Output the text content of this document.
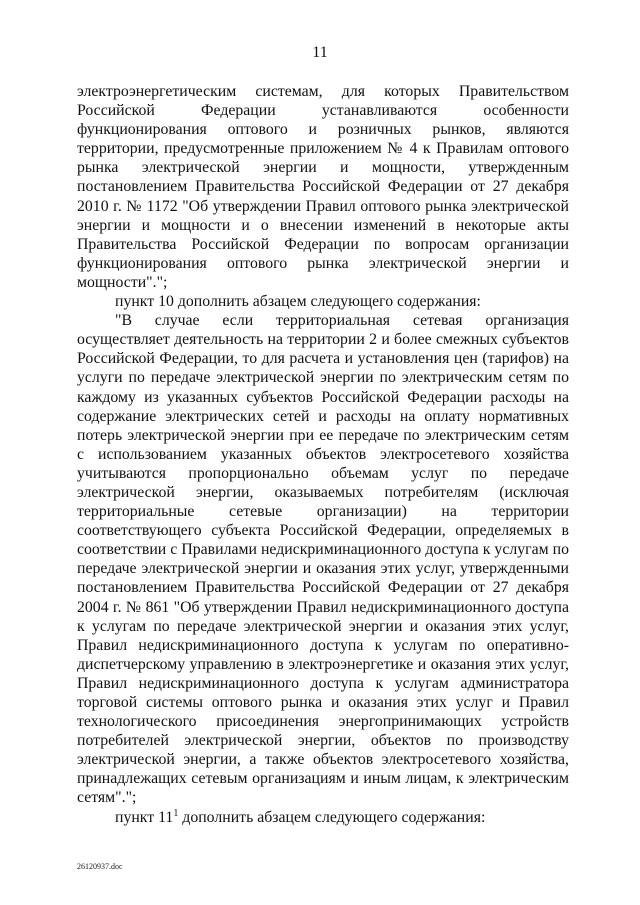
11

электроэнергетическим системам, для которых Правительством Российской Федерации устанавливаются особенности функционирования оптового и розничных рынков, являются территории, предусмотренные приложением № 4 к Правилам оптового рынка электрической энергии и мощности, утвержденным постановлением Правительства Российской Федерации от 27 декабря 2010 г. № 1172 "Об утверждении Правил оптового рынка электрической энергии и мощности и о внесении изменений в некоторые акты Правительства Российской Федерации по вопросам организации функционирования оптового рынка электрической энергии и мощности".";

пункт 10 дополнить абзацем следующего содержания:

"В случае если территориальная сетевая организация осуществляет деятельность на территории 2 и более смежных субъектов Российской Федерации, то для расчета и установления цен (тарифов) на услуги по передаче электрической энергии по электрическим сетям по каждому из указанных субъектов Российской Федерации расходы на содержание электрических сетей и расходы на оплату нормативных потерь электрической энергии при ее передаче по электрическим сетям с использованием указанных объектов электросетевого хозяйства учитываются пропорционально объемам услуг по передаче электрической энергии, оказываемых потребителям (исключая территориальные сетевые организации) на территории соответствующего субъекта Российской Федерации, определяемых в соответствии с Правилами недискриминационного доступа к услугам по передаче электрической энергии и оказания этих услуг, утвержденными постановлением Правительства Российской Федерации от 27 декабря 2004 г. № 861 "Об утверждении Правил недискриминационного доступа к услугам по передаче электрической энергии и оказания этих услуг, Правил недискриминационного доступа к услугам по оперативно-диспетчерскому управлению в электроэнергетике и оказания этих услуг, Правил недискриминационного доступа к услугам администратора торговой системы оптового рынка и оказания этих услуг и Правил технологического присоединения энергопринимающих устройств потребителей электрической энергии, объектов по производству электрической энергии, а также объектов электросетевого хозяйства, принадлежащих сетевым организациям и иным лицам, к электрическим сетям".";

пункт $11^1$ дополнить абзацем следующего содержания:

26120937.doc
